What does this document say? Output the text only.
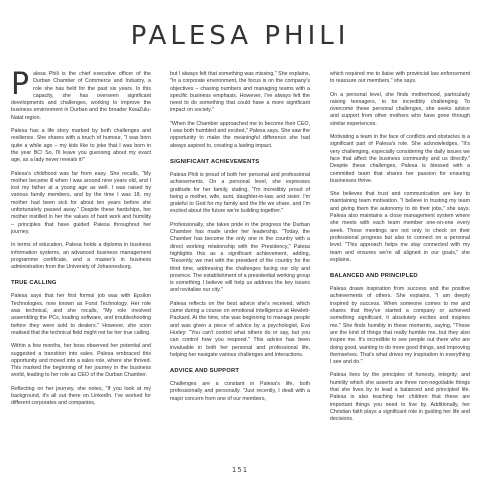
PALESA PHILI

Palesa Phili is the chief executive officer of the Durban Chamber of Commerce and Industry, a role she has held for the past six years. In this capacity, she has overseen significant developments and challenges, working to improve the business environment in Durban and the broader KwaZulu-Natal region.

Palesa has a life story marked by both challenges and resilience. She shares with a touch of humour, "I was born quite a while ago – my kids like to joke that I was born in the year BC! So, I'll leave you guessing about my exact age, as a lady never reveals it!"

Palesa's childhood was far from easy. She recalls, "My mother became ill when I was around nine years old, and I lost my father at a young age as well. I was raised by various family members, and by the time I was 18, my mother had been sick for about ten years before she unfortunately passed away." Despite these hardships, her mother instilled in her the values of hard work and humility – principles that have guided Palesa throughout her journey.

In terms of education, Palesa holds a diploma in business information systems, an advanced business management programme certificate, and a master's in business administration from the University of Johannesburg.

TRUE CALLING

Palesa says that her first formal job was with Epsilon Technologies, now known as Forst Technology. Her role was technical, and she recalls, "My role involved assembling the PCs, loading software, and troubleshooting before they were sold to dealers." However, she soon realised that the technical field might not be her true calling.

Within a few months, her boss observed her potential and suggested a transition into sales. Palesa embraced this opportunity and moved into a sales role, where she thrived. This marked the beginning of her journey in the business world, leading to her role as CEO of the Durban Chamber.

Reflecting on her journey, she notes, "If you look at my background, it's all out there on LinkedIn. I've worked for different corporates and companies,

but I always felt that something was missing." She explains, "In a corporate environment, the focus is on the company's objectives – chasing numbers and managing teams with a specific business emphasis. However, I've always felt the need to do something that could have a more significant impact on society."

"When the Chamber approached me to become their CEO, I was both humbled and excited," Palesa says. She saw the opportunity to make the meaningful difference she had always aspired to, creating a lasting impact.

SIGNIFICANT ACHIEVEMENTS

Palesa Phili is proud of both her personal and professional achievements. On a personal level, she expresses gratitude for her family, stating, "I'm incredibly proud of being a mother, wife, aunt, daughter-in-law, and sister. I'm grateful to God for my family and the life we share, and I'm excited about the future we're building together."

Professionally, she takes pride in the progress the Durban Chamber has made under her leadership. "Today, the Chamber has become the only one in the country with a direct working relationship with the Presidency," Palesa highlights this as a significant achievement, adding, "Recently, we met with the president of the country for the third time, addressing the challenges facing our city and province. The establishment of a presidential working group is something I believe will help us address the key issues and revitalise our city."

Palesa reflects on the best advice she's received, which came during a course on emotional intelligence at Hewlett-Packard. At the time, she was beginning to manage people and was given a piece of advice by a psychologist, Eva Hurley: "You can't control what others do or say, but you can control how you respond." This advice has been invaluable in both her personal and professional life, helping her navigate various challenges and interactions.

ADVICE AND SUPPORT

Challenges are a constant in Palesa's life, both professionally and personally. "Just recently, I dealt with a major concern from one of our members,

which required me to liaise with provincial law enforcement to reassure our members," she says.

On a personal level, she finds motherhood, particularly raising teenagers, to be incredibly challenging. To overcome these personal challenges, she seeks advice and support from other mothers who have gone through similar experiences.

Motivating a team in the face of conflicts and obstacles is a significant part of Palesa's role. She acknowledges, "It's very challenging, especially considering the daily issues we face that affect the business community and us directly." Despite these challenges, Palesa is blessed with a committed team that shares her passion for ensuring businesses thrive.

She believes that trust and communication are key to maintaining team motivation. "I believe in trusting my team and giving them the autonomy to do their jobs," she says. Palesa also maintains a close management system where she meets with each team member one-on-one every week. These meetings are not only to check on their professional progress but also to connect on a personal level. "This approach helps me stay connected with my team and ensures we're all aligned in our goals," she explains.

BALANCED AND PRINCIPLED

Palesa draws inspiration from success and the positive achievements of others. She explains, "I am deeply inspired by success. When someone comes to me and shares that they've started a company or achieved something significant, it absolutely excites and inspires me." She finds humility in these moments, saying, "These are the kind of things that really humble me, but they also inspire me. It's incredible to see people out there who are doing good, wanting to do more good things, and improving themselves. That's what drives my inspiration in everything I see and do."

Palesa lives by the principles of honesty, integrity, and humility which she asserts are three non-negotiable things that she lives by to lead a balanced and principled life. Palesa is also teaching her children that these are important things you need to live by. Additionally, her Christian faith plays a significant role in guiding her life and decisions.

151
